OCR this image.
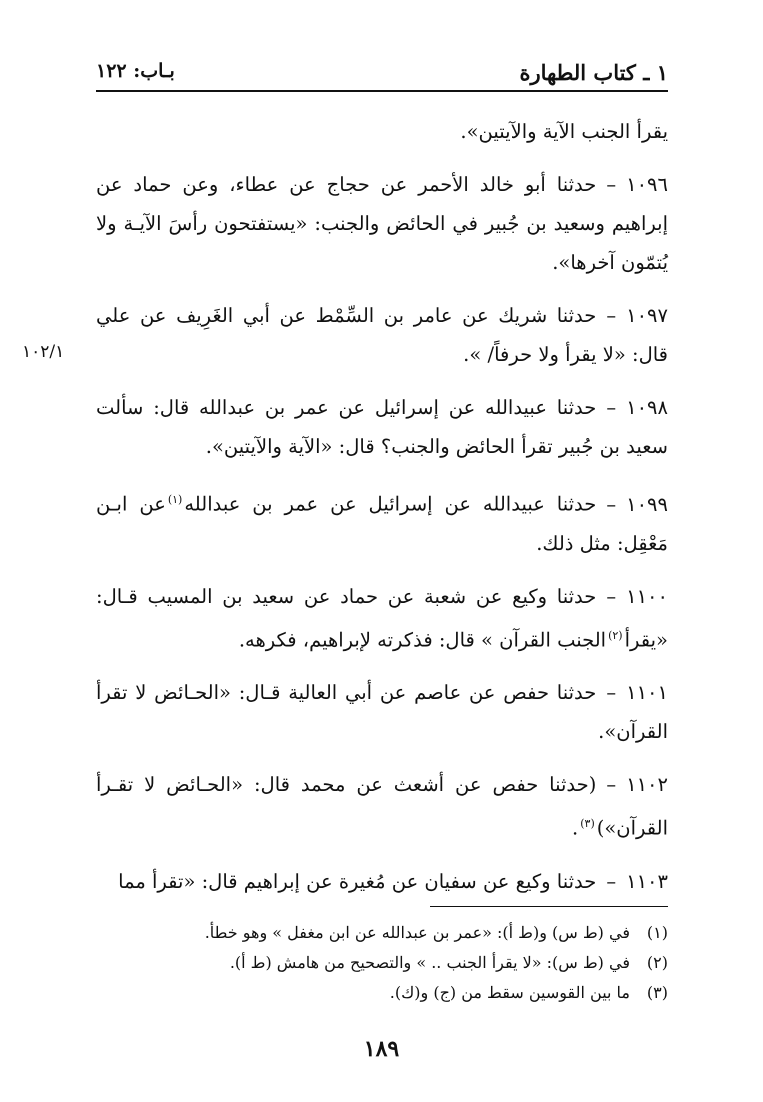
١ ـ كتاب الطهارة
بـاب: ١٢٢
١٠٢/١

يقرأ الجنب الآية والآيتين».

١٠٩٦–حدثنا أبو خالد الأحمر عن حجاج عن عطاء، وعن حماد عن إبراهيم وسعيد بن جُبير في الحائض والجنب: «يستفتحون رأسَ الآيـة ولا يُتمّون آخرها».

١٠٩٧–حدثنا شريك عن عامر بن السِّمْط عن أبي الغَرِيف عن علي قال: «لا يقرأ ولا حرفاً/ ».

١٠٩٨–حدثنا عبيدالله عن إسرائيل عن عمر بن عبدالله قال: سألت سعيد بن جُبير تقرأ الحائض والجنب؟ قال: «الآية والآيتين».

١٠٩٩–حدثنا عبيدالله عن إسرائيل عن عمر بن عبدالله$^{(١)}$عن ابـن مَعْقِل: مثل ذلك.

١١٠٠–حدثنا وكيع عن شعبة عن حماد عن سعيد بن المسيب قـال: «يقرأ$^{(٢)}$الجنب القرآن » قال: فذكرته لإبراهيم، فكرهه.

١١٠١–حدثنا حفص عن عاصم عن أبي العالية قـال: «الحـائض لا تقرأ القرآن».

١١٠٢–(حدثنا حفص عن أشعث عن محمد قال: «الحـائض لا تقـرأ القرآن»)$^{(٣)}$.

١١٠٣–حدثنا وكيع عن سفيان عن مُغيرة عن إبراهيم قال: «تقرأ مما

(١)في (ط س) و(ط أ): «عمر بن عبدالله عن ابن مغفل » وهو خطأ.
(٢)في (ط س): «لا يقرأ الجنب .. » والتصحيح من هامش (ط أ).
(٣)ما بين القوسين سقط من (ج) و(ك).
١٨٩
